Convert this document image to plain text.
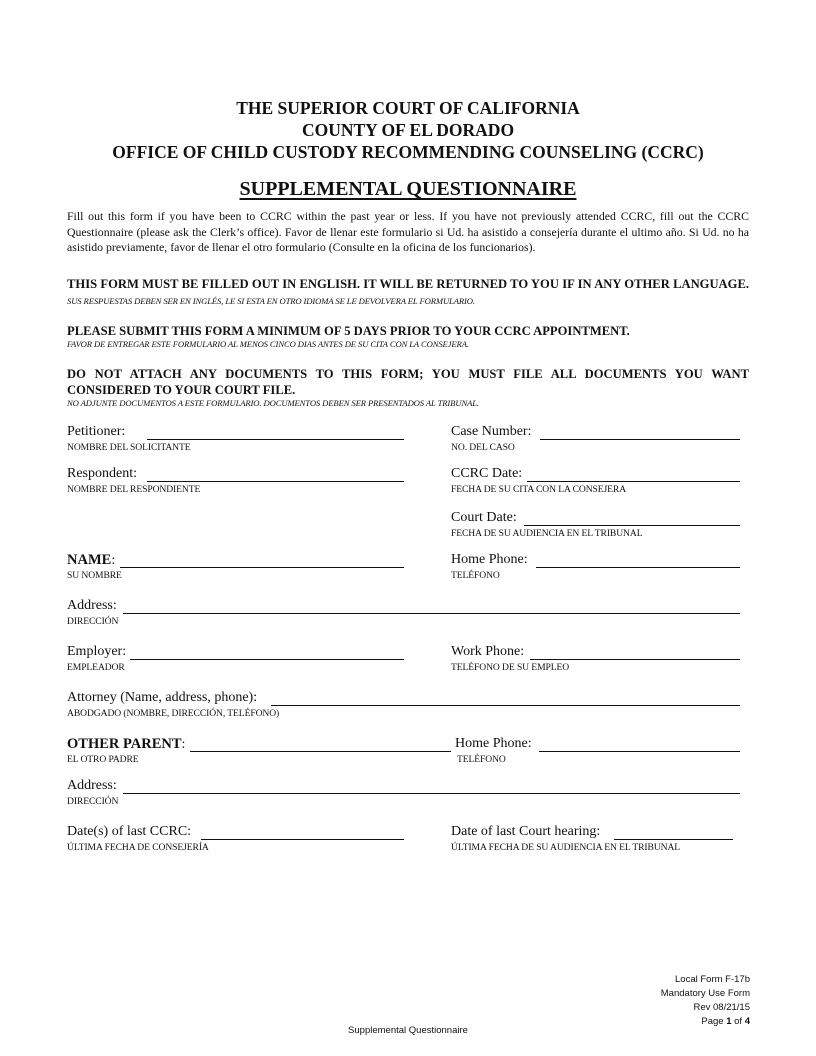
THE SUPERIOR COURT OF CALIFORNIA
COUNTY OF EL DORADO
OFFICE OF CHILD CUSTODY RECOMMENDING COUNSELING (CCRC)
SUPPLEMENTAL QUESTIONNAIRE
Fill out this form if you have been to CCRC within the past year or less. If you have not previously attended CCRC, fill out the CCRC Questionnaire (please ask the Clerk’s office). Favor de llenar este formulario si Ud. ha asistido a consejería durante el ultimo año. Si Ud. no ha asistido previamente, favor de llenar el otro formulario (Consulte en la oficina de los funcionarios).
THIS FORM MUST BE FILLED OUT IN ENGLISH. IT WILL BE RETURNED TO YOU IF IN ANY OTHER LANGUAGE. SUS RESPUESTAS DEBEN SER EN INGLÉS, LE SI ESTA EN OTRO IDIOMA SE LE DEVOLVERA EL FORMULARIO.
PLEASE SUBMIT THIS FORM A MINIMUM OF 5 DAYS PRIOR TO YOUR CCRC APPOINTMENT.
FAVOR DE ENTREGAR ESTE FORMULARIO AL MENOS CINCO DIAS ANTES DE SU CITA CON LA CONSEJERA.
DO NOT ATTACH ANY DOCUMENTS TO THIS FORM; YOU MUST FILE ALL DOCUMENTS YOU WANT CONSIDERED TO YOUR COURT FILE.
NO ADJUNTE DOCUMENTOS A ESTE FORMULARIO. DOCUMENTOS DEBEN SER PRESENTADOS AL TRIBUNAL.
Petitioner:
NOMBRE DEL SOLICITANTE
Case Number:
NO. DEL CASO
Respondent:
NOMBRE DEL RESPONDIENTE
CCRC Date:
FECHA DE SU CITA CON LA CONSEJERA
Court Date:
FECHA DE SU AUDIENCIA EN EL TRIBUNAL
NAME:
SU NOMBRE
Home Phone:
TELÉFONO
Address:
DIRECCIÓN
Employer:
EMPLEADOR
Work Phone:
TELÉFONO DE SU EMPLEO
Attorney (Name, address, phone):
ABODGADO (NOMBRE, DIRECCIÓN, TELÉFONO)
OTHER PARENT:
EL OTRO PADRE
Home Phone:
TELÉFONO
Address:
DIRECCIÓN
Date(s) of last CCRC:
ÚLTIMA FECHA DE CONSEJERÍA
Date of last Court hearing:
ÚLTIMA FECHA DE SU AUDIENCIA EN EL TRIBUNAL
Local Form F-17b
Mandatory Use Form
Rev 08/21/15
Page 1 of 4
Supplemental Questionnaire
